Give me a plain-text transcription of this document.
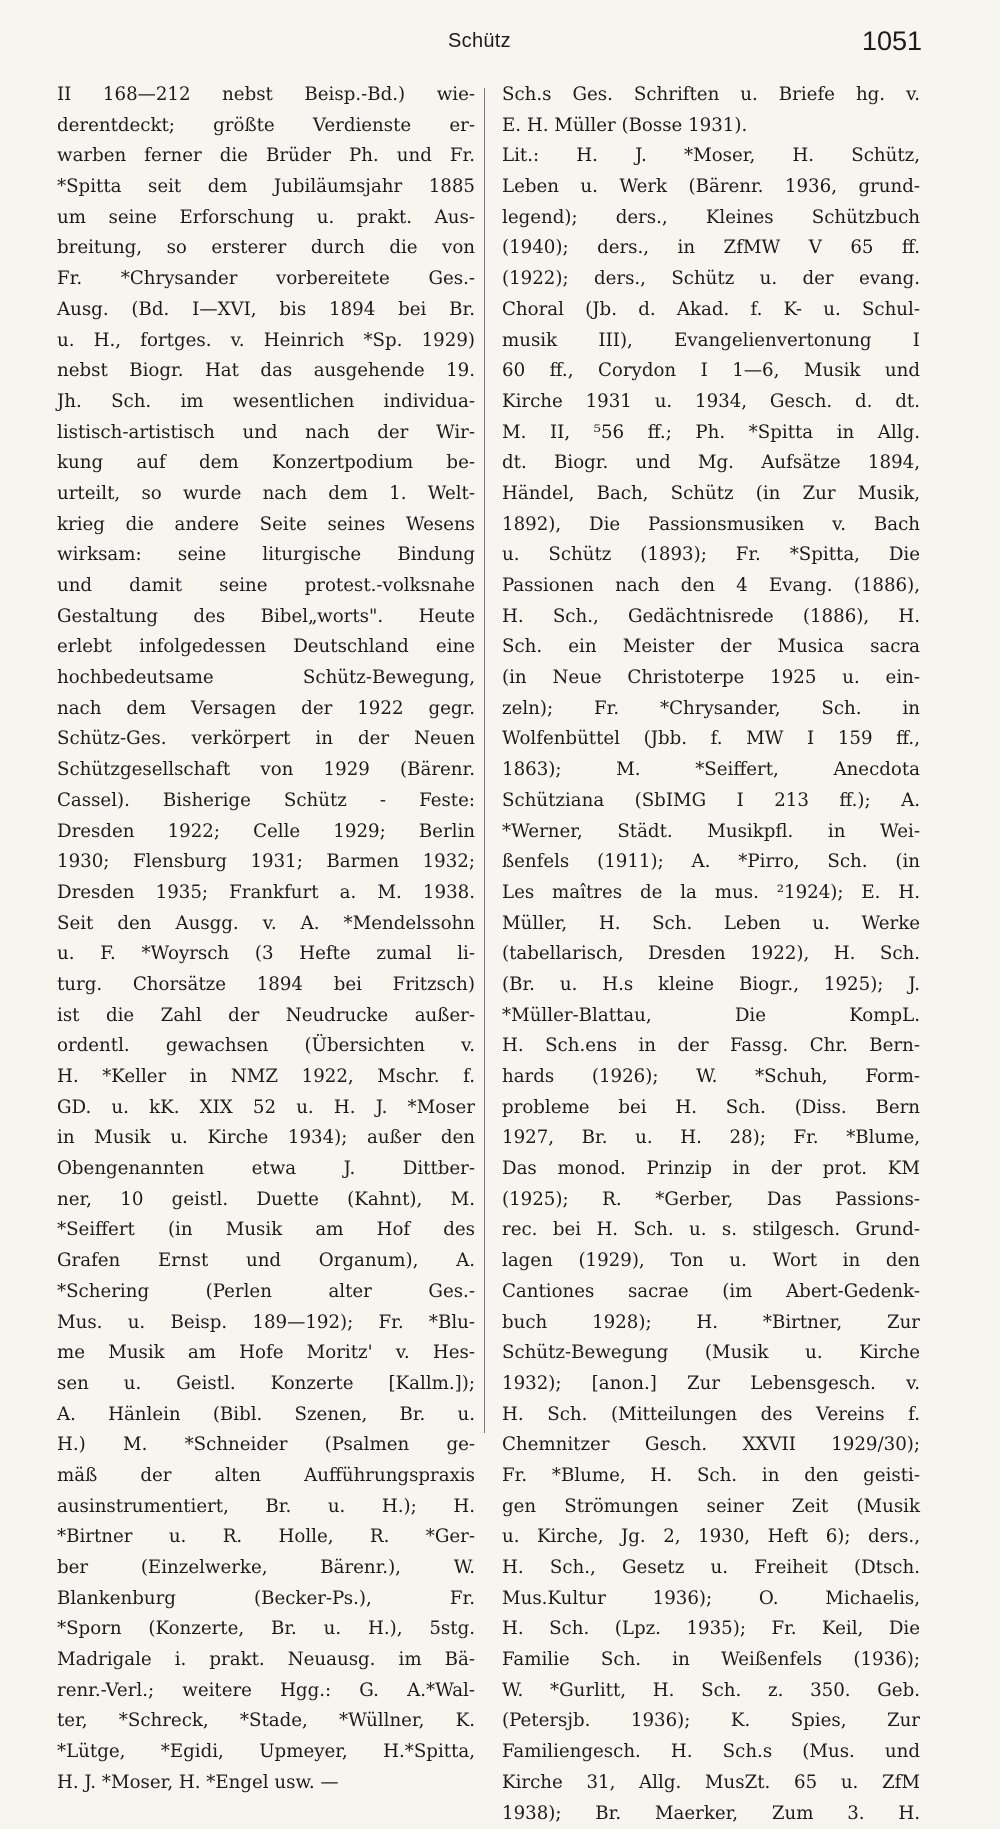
Schütz	1051
II 168—212 nebst Beisp.-Bd.) wie-
derentdeckt; größte Verdienste er-
warben ferner die Brüder Ph. und Fr.
*Spitta seit dem Jubiläumsjahr 1885
um seine Erforschung u. prakt. Aus-
breitung, so ersterer durch die von
Fr. *Chrysander vorbereitete Ges.-
Ausg. (Bd. I—XVI, bis 1894 bei Br.
u. H., fortges. v. Heinrich *Sp. 1929)
nebst Biogr. Hat das ausgehende 19.
Jh. Sch. im wesentlichen individua-
listisch-artistisch und nach der Wir-
kung auf dem Konzertpodium be-
urteilt, so wurde nach dem 1. Welt-
krieg die andere Seite seines Wesens
wirksam: seine liturgische Bindung
und damit seine protest.-volksnahe
Gestaltung des Bibel„worts". Heute
erlebt infolgedessen Deutschland eine
hochbedeutsame Schütz-Bewegung,
nach dem Versagen der 1922 gegr.
Schütz-Ges. verkörpert in der Neuen
Schützgesellschaft von 1929 (Bärenr.
Cassel). Bisherige Schütz - Feste:
Dresden 1922; Celle 1929; Berlin
1930; Flensburg 1931; Barmen 1932;
Dresden 1935; Frankfurt a. M. 1938.
Seit den Ausgg. v. A. *Mendelssohn
u. F. *Woyrsch (3 Hefte zumal li-
turg. Chorsätze 1894 bei Fritzsch)
ist die Zahl der Neudrucke außer-
ordentl. gewachsen (Übersichten v.
H. *Keller in NMZ 1922, Mschr. f.
GD. u. kK. XIX 52 u. H. J. *Moser
in Musik u. Kirche 1934); außer den
Obengenannten etwa J. Dittber-
ner, 10 geistl. Duette (Kahnt), M.
*Seiffert (in Musik am Hof des
Grafen Ernst und Organum), A.
*Schering (Perlen alter Ges.-
Mus. u. Beisp. 189—192); Fr. *Blu-
me Musik am Hofe Moritz' v. Hes-
sen u. Geistl. Konzerte [Kallm.]);
A. Hänlein (Bibl. Szenen, Br. u.
H.) M. *Schneider (Psalmen ge-
mäß der alten Aufführungspraxis
ausinstrumentiert, Br. u. H.); H.
*Birtner u. R. Holle, R. *Ger-
ber (Einzelwerke, Bärenr.), W.
Blankenburg (Becker-Ps.), Fr.
*Sporn (Konzerte, Br. u. H.), 5stg.
Madrigale i. prakt. Neuausg. im Bä-
renr.-Verl.; weitere Hgg.: G. A.*Wal-
ter, *Schreck, *Stade, *Wüllner, K.
*Lütge, *Egidi, Upmeyer, H.*Spitta,
H. J. *Moser, H. *Engel usw. —
Sch.s Ges. Schriften u. Briefe hg. v.
E. H. Müller (Bosse 1931).
Lit.: H. J. *Moser, H. Schütz,
Leben u. Werk (Bärenr. 1936, grund-
legend); ders., Kleines Schützbuch
(1940); ders., in ZfMW V 65 ff.
(1922); ders., Schütz u. der evang.
Choral (Jb. d. Akad. f. K- u. Schul-
musik III), Evangelienvertonung I
60 ff., Corydon I 1—6, Musik und
Kirche 1931 u. 1934, Gesch. d. dt.
M. II, ⁵56 ff.; Ph. *Spitta in Allg.
dt. Biogr. und Mg. Aufsätze 1894,
Händel, Bach, Schütz (in Zur Musik,
1892), Die Passionsmusiken v. Bach
u. Schütz (1893); Fr. *Spitta, Die
Passionen nach den 4 Evang. (1886),
H. Sch., Gedächtnisrede (1886), H.
Sch. ein Meister der Musica sacra
(in Neue Christoterpe 1925 u. ein-
zeln); Fr. *Chrysander, Sch. in
Wolfenbüttel (Jbb. f. MW I 159 ff.,
1863); M. *Seiffert, Anecdota
Schütziana (SbIMG I 213 ff.); A.
*Werner, Städt. Musikpfl. in Wei-
ßenfels (1911); A. *Pirro, Sch. (in
Les maîtres de la mus. ²1924); E. H.
Müller, H. Sch. Leben u. Werke
(tabellarisch, Dresden 1922), H. Sch.
(Br. u. H.s kleine Biogr., 1925); J.
*Müller-Blattau, Die KompL.
H. Sch.ens in der Fassg. Chr. Bern-
hards (1926); W. *Schuh, Form-
probleme bei H. Sch. (Diss. Bern
1927, Br. u. H. 28); Fr. *Blume,
Das monod. Prinzip in der prot. KM
(1925); R. *Gerber, Das Passions-
rec. bei H. Sch. u. s. stilgesch. Grund-
lagen (1929), Ton u. Wort in den
Cantiones sacrae (im Abert-Gedenk-
buch 1928); H. *Birtner, Zur
Schütz-Bewegung (Musik u. Kirche
1932); [anon.] Zur Lebensgesch. v.
H. Sch. (Mitteilungen des Vereins f.
Chemnitzer Gesch. XXVII 1929/30);
Fr. *Blume, H. Sch. in den geisti-
gen Strömungen seiner Zeit (Musik
u. Kirche, Jg. 2, 1930, Heft 6); ders.,
H. Sch., Gesetz u. Freiheit (Dtsch.
Mus.Kultur 1936); O. Michaelis,
H. Sch. (Lpz. 1935); Fr. Keil, Die
Familie Sch. in Weißenfels (1936);
W. *Gurlitt, H. Sch. z. 350. Geb.
(Petersjb. 1936); K. Spies, Zur
Familiengesch. H. Sch.s (Mus. und
Kirche 31, Allg. MusZt. 65 u. ZfM
1938); Br. Maerker, Zum 3. H.
